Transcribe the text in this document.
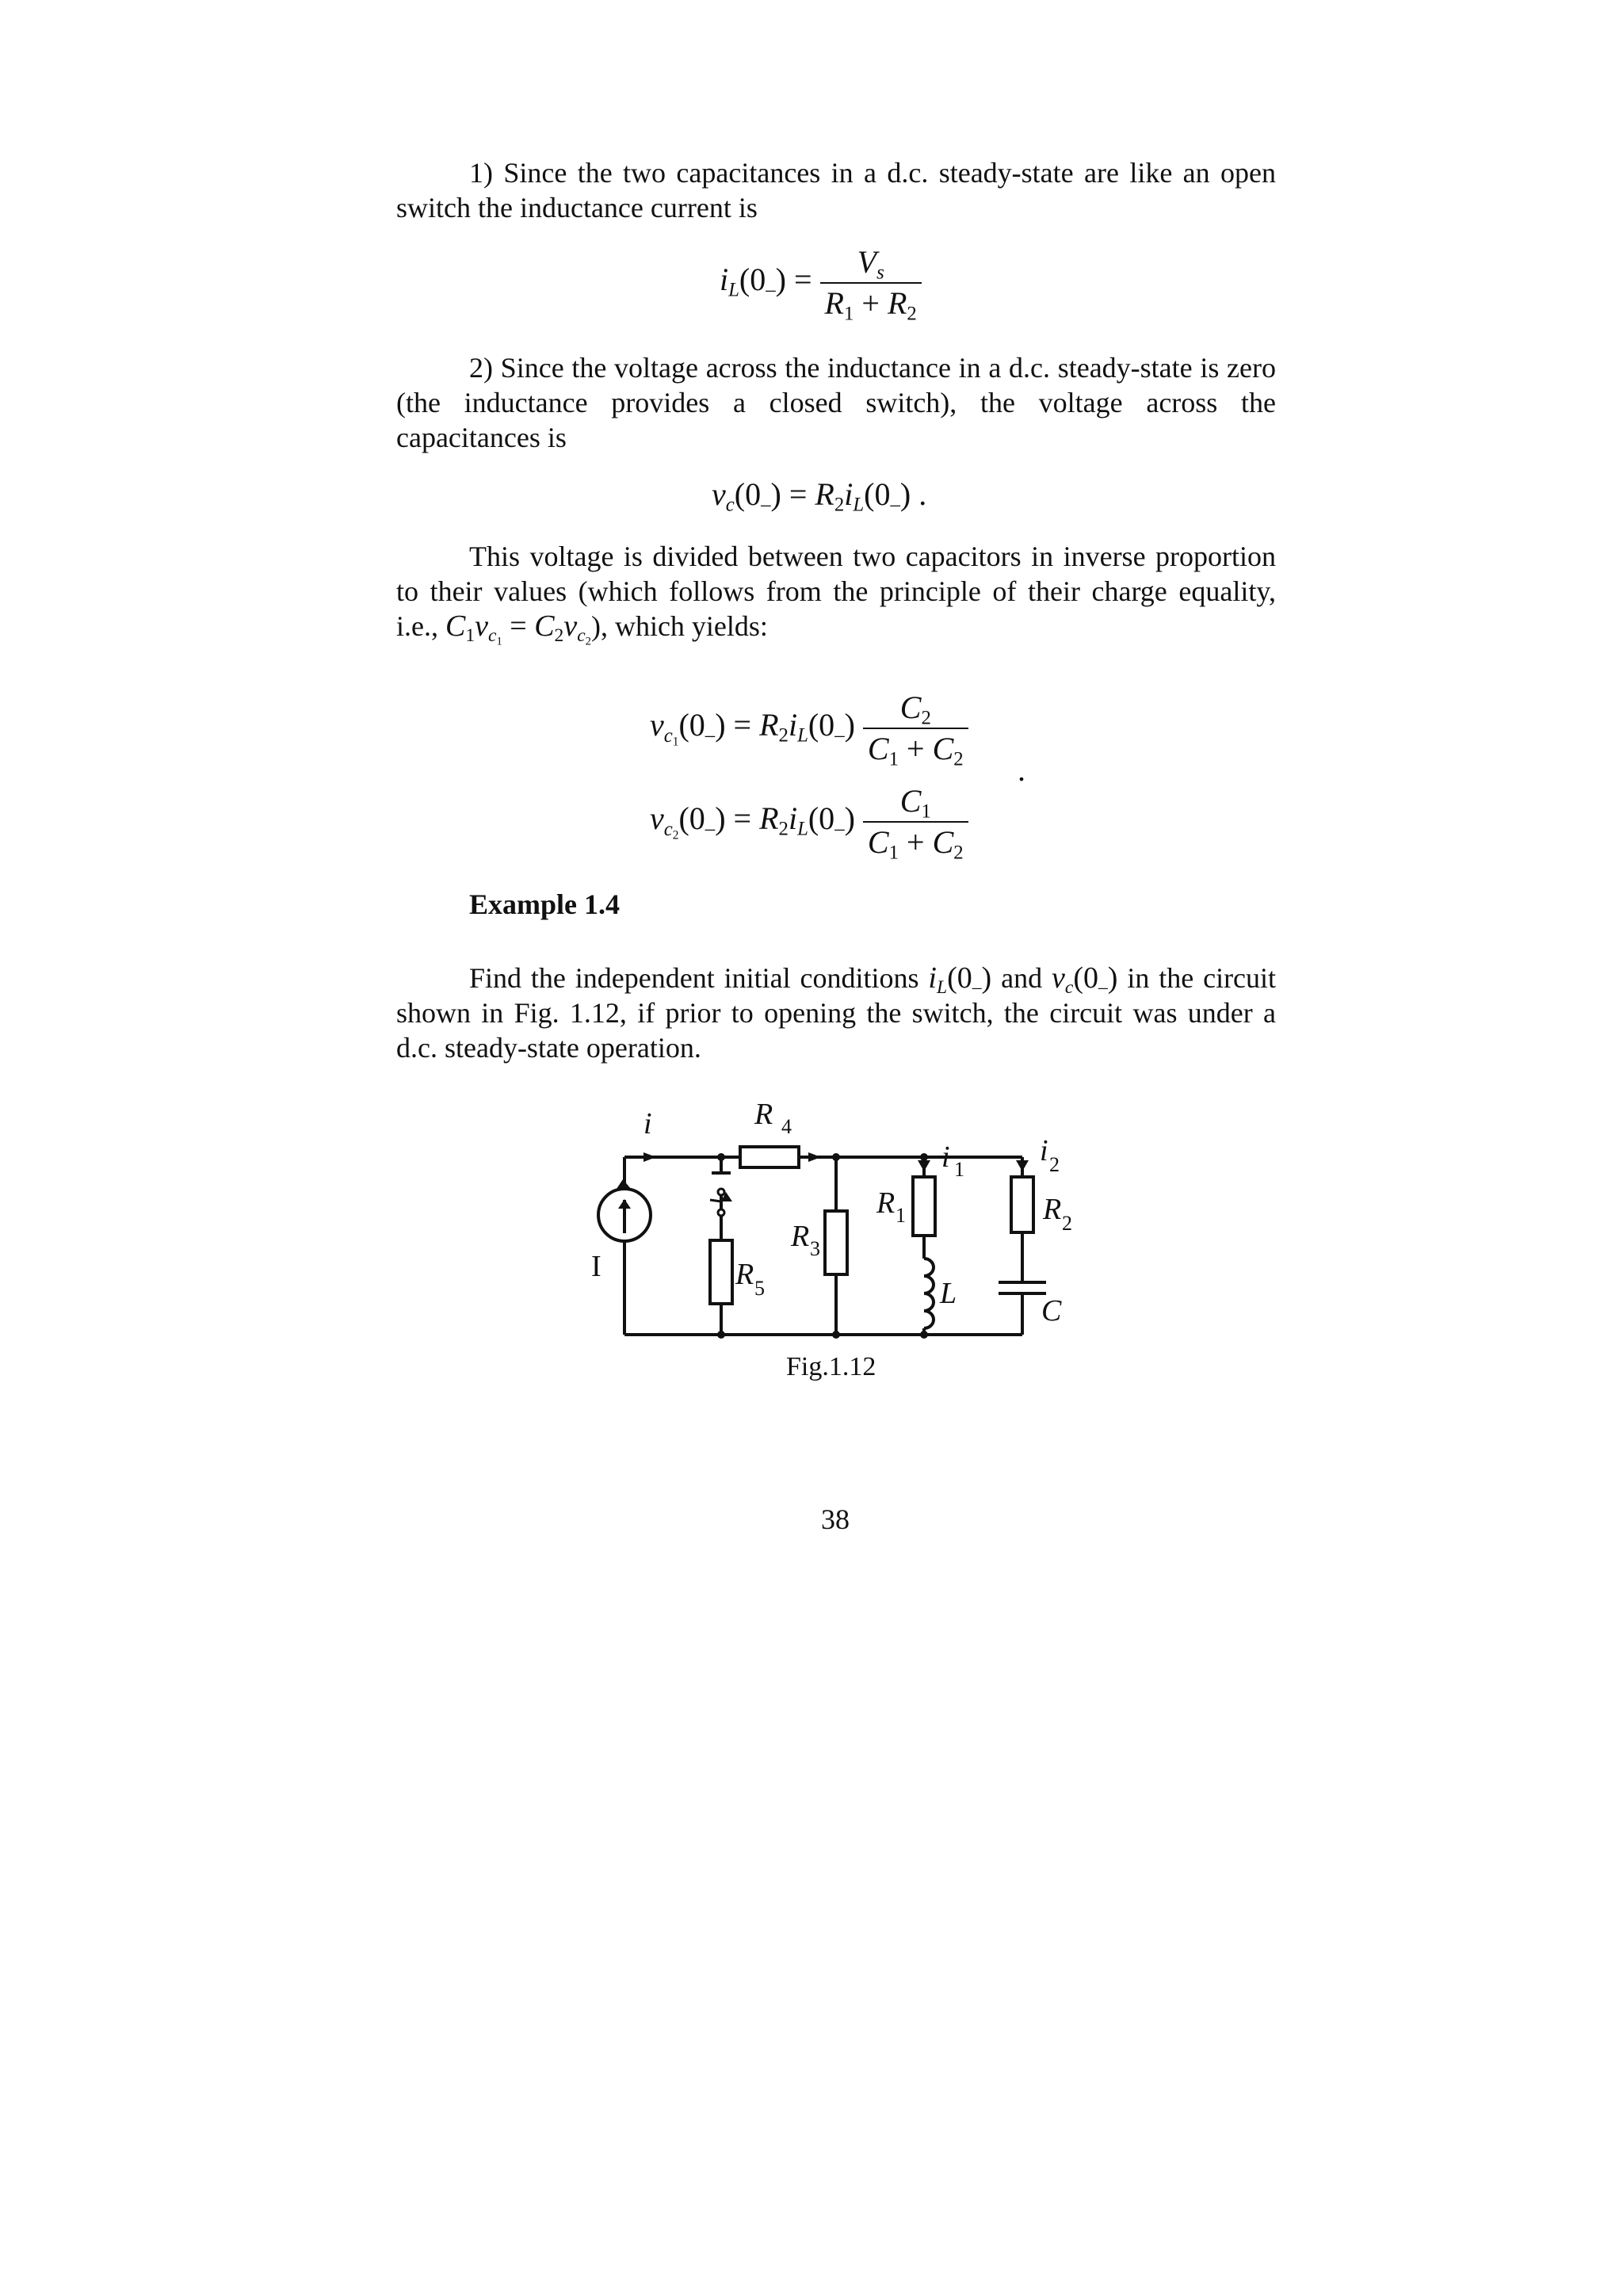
1) Since the two capacitances in a d.c. steady-state are like an open switch the inductance current is
$i_L(0_-) = \frac{V_s}{R_1 + R_2}$
2) Since the voltage across the inductance in a d.c. steady-state is zero (the inductance provides a closed switch), the voltage across the capacitances is
$v_c(0_-) = R_2i_L(0_-)$ .
This voltage is divided between two capacitors in inverse proportion to their values (which follows from the principle of their charge equality, i.e., $C_1v_{c_1} = C_2v_{c_2}$), which yields:
$v_{c_1}(0_-) = R_2i_L(0_-) \frac{C_2}{C_1 + C_2}$
.
$v_{c_2}(0_-) = R_2i_L(0_-) \frac{C_1}{C_1 + C_2}$
Example 1.4
Find the independent initial conditions $i_L(0_-)$ and $v_c(0_-)$ in the circuit shown in Fig. 1.12, if prior to opening the switch, the circuit was under a d.c. steady-state operation.
i	R 4
i 1
i 2
R 1	R 2
R 3
R 5	L
C
I
Fig.1.12
38
